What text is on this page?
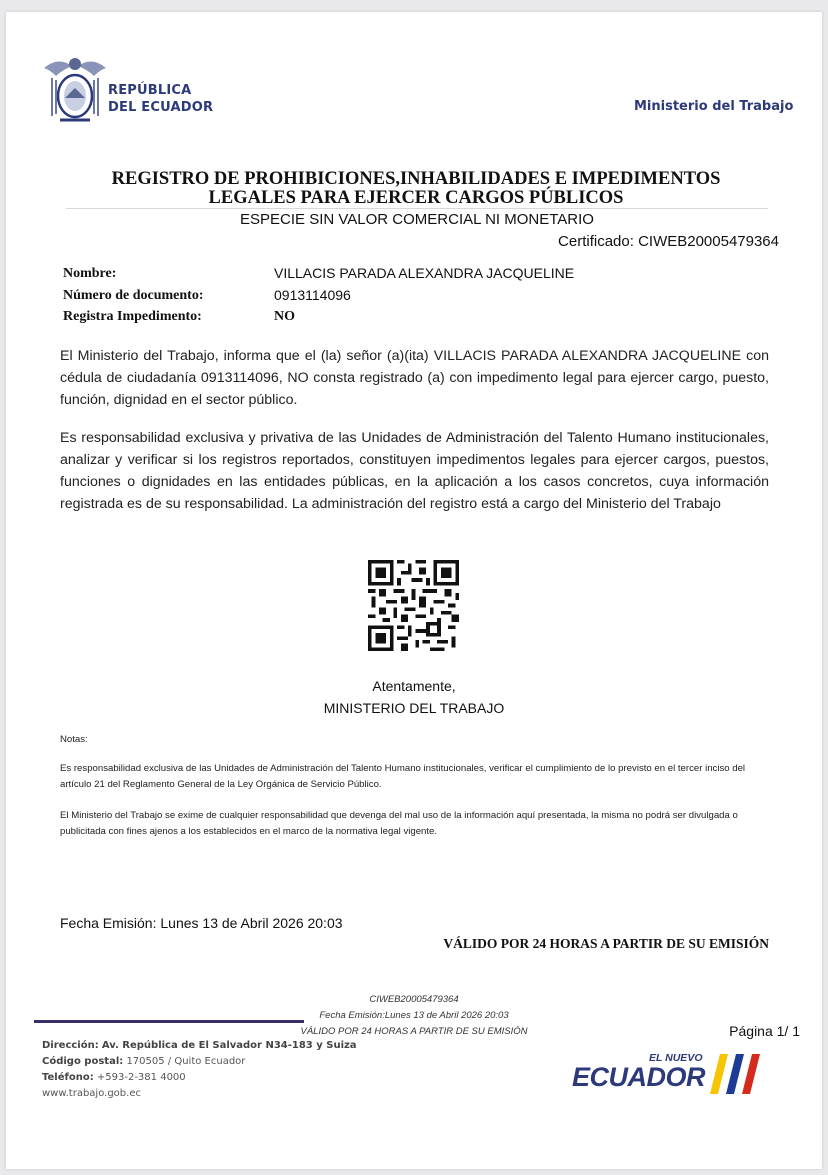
REPÚBLICA
DEL ECUADOR	Ministerio del Trabajo
REGISTRO DE PROHIBICIONES,INHABILIDADES E IMPEDIMENTOS
LEGALES PARA EJERCER CARGOS PÚBLICOS
ESPECIE SIN VALOR COMERCIAL NI MONETARIO
Certificado: CIWEB20005479364
Nombre:	VILLACIS PARADA ALEXANDRA JACQUELINE
Número de documento:	0913114096
Registra Impedimento:	NO
El Ministerio del Trabajo, informa que el (la) señor (a)(ita) VILLACIS PARADA ALEXANDRA JACQUELINE con cédula de ciudadanía 0913114096, NO consta registrado (a) con impedimento legal para ejercer cargo, puesto, función, dignidad en el sector público.
Es responsabilidad exclusiva y privativa de las Unidades de Administración del Talento Humano institucionales, analizar y verificar si los registros reportados, constituyen impedimentos legales para ejercer cargos, puestos, funciones o dignidades en las entidades públicas, en la aplicación a los casos concretos, cuya información registrada es de su responsabilidad. La administración del registro está a cargo del Ministerio del Trabajo
Atentamente,
MINISTERIO DEL TRABAJO
Notas:
Es responsabilidad exclusiva de las Unidades de Administración del Talento Humano institucionales, verificar el cumplimiento de lo previsto en el tercer inciso del artículo 21 del Reglamento General de la Ley Orgánica de Servicio Público.
El Ministerio del Trabajo se exime de cualquier responsabilidad que devenga del mal uso de la información aquí presentada, la misma no podrá ser divulgada o publicitada con fines ajenos a los establecidos en el marco de la normativa legal vigente.
Fecha Emisión: Lunes 13 de Abril 2026 20:03
VÁLIDO POR 24 HORAS A PARTIR DE SU EMISIÓN
CIWEB20005479364
Fecha Emisión:Lunes 13 de Abril 2026 20:03
VÁLIDO POR 24 HORAS A PARTIR DE SU EMISIÓN	Página 1/ 1
Dirección: Av. República de El Salvador N34-183 y Suiza
Código postal: 170505 / Quito Ecuador
Teléfono: +593-2-381 4000
www.trabajo.gob.ec
EL NUEVO
ECUADOR
